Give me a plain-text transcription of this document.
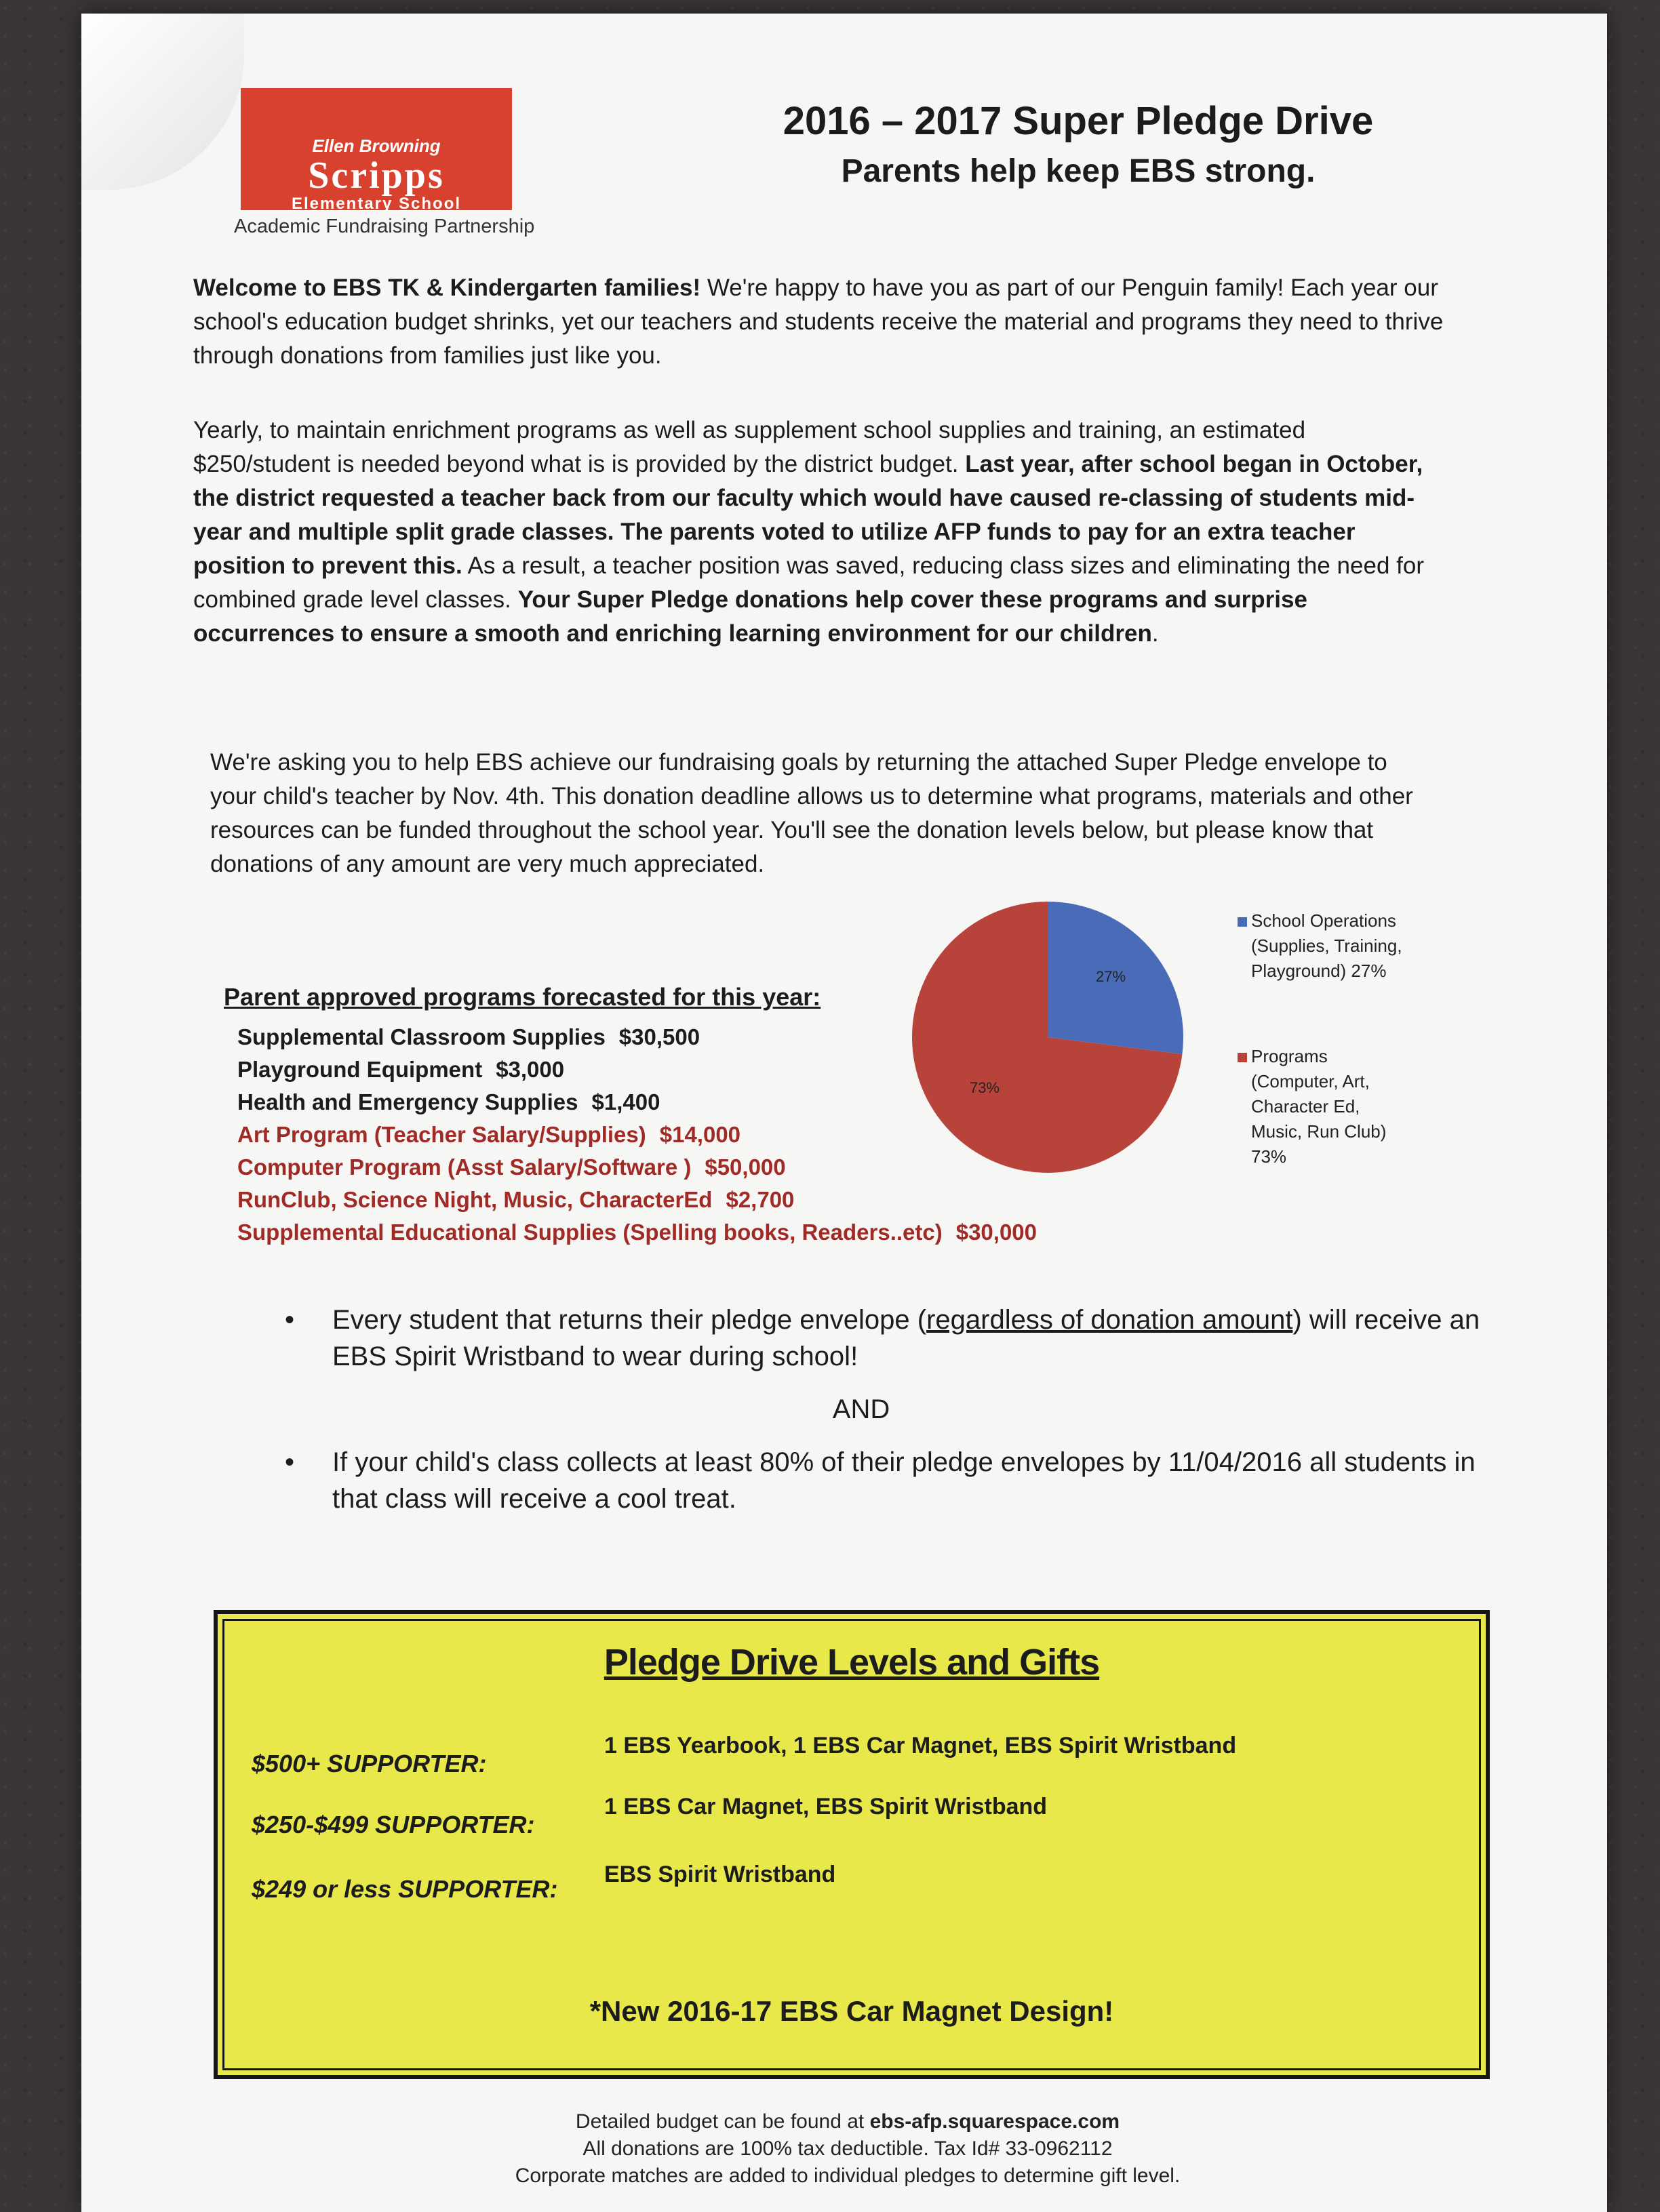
Ellen Browning
Scripps
Elementary School
Academic Fundraising Partnership
2016 – 2017 Super Pledge Drive
Parents help keep EBS strong.
Welcome to EBS TK & Kindergarten families! We're happy to have you as part of our Penguin family! Each year our school's education budget shrinks, yet our teachers and students receive the material and programs they need to thrive through donations from families just like you.
Yearly, to maintain enrichment programs as well as supplement school supplies and training, an estimated $250/student is needed beyond what is is provided by the district budget. Last year, after school began in October, the district requested a teacher back from our faculty which would have caused re-classing of students mid-year and multiple split grade classes. The parents voted to utilize AFP funds to pay for an extra teacher position to prevent this. As a result, a teacher position was saved, reducing class sizes and eliminating the need for combined grade level classes. Your Super Pledge donations help cover these programs and surprise occurrences to ensure a smooth and enriching learning environment for our children.
We're asking you to help EBS achieve our fundraising goals by returning the attached Super Pledge envelope to your child's teacher by Nov. 4th. This donation deadline allows us to determine what programs, materials and other resources can be funded throughout the school year. You'll see the donation levels below, but please know that donations of any amount are very much appreciated.
Parent approved programs forecasted for this year:
Supplemental Classroom Supplies $30,500
Playground Equipment $3,000
Health and Emergency Supplies $1,400
Art Program (Teacher Salary/Supplies) $14,000
Computer Program (Asst Salary/Software ) $50,000
RunClub, Science Night, Music, CharacterEd $2,700
Supplemental Educational Supplies (Spelling books, Readers..etc) $30,000
27%
73%
School Operations
(Supplies, Training,
Playground) 27%
Programs
(Computer, Art,
Character Ed,
Music, Run Club)
73%
• Every student that returns their pledge envelope (regardless of donation amount) will receive an EBS Spirit Wristband to wear during school!
AND
• If your child's class collects at least 80% of their pledge envelopes by 11/04/2016 all students in that class will receive a cool treat.
Pledge Drive Levels and Gifts
$500+ SUPPORTER:
1 EBS Yearbook, 1 EBS Car Magnet, EBS Spirit Wristband
$250-$499 SUPPORTER:
1 EBS Car Magnet, EBS Spirit Wristband
$249 or less SUPPORTER:
EBS Spirit Wristband
*New 2016-17 EBS Car Magnet Design!
Detailed budget can be found at ebs-afp.squarespace.com
All donations are 100% tax deductible. Tax Id# 33-0962112
Corporate matches are added to individual pledges to determine gift level.
